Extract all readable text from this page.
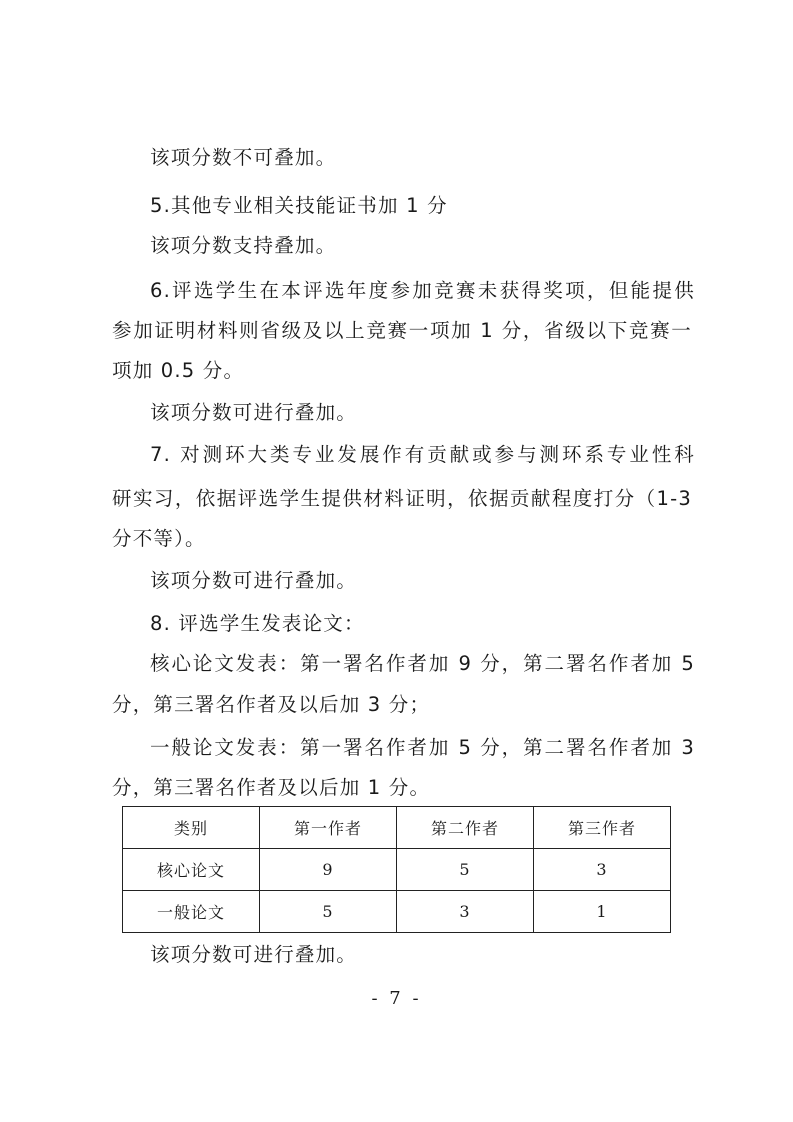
该项分数不可叠加。
5.其他专业相关技能证书加 1 分
该项分数支持叠加。
6.评选学生在本评选年度参加竞赛未获得奖项，但能提供
参加证明材料则省级及以上竞赛一项加 1 分，省级以下竞赛一
项加 0.5 分。
该项分数可进行叠加。
7. 对测环大类专业发展作有贡献或参与测环系专业性科
研实习，依据评选学生提供材料证明，依据贡献程度打分（1-3
分不等）。
该项分数可进行叠加。
8. 评选学生发表论文：
核心论文发表：第一署名作者加 9 分，第二署名作者加 5
分，第三署名作者及以后加 3 分；
一般论文发表：第一署名作者加 5 分，第二署名作者加 3
分，第三署名作者及以后加 1 分。
类别	第一作者	第二作者	第三作者
核心论文	9	5	3
一般论文	5	3	1
该项分数可进行叠加。
- 7 -
